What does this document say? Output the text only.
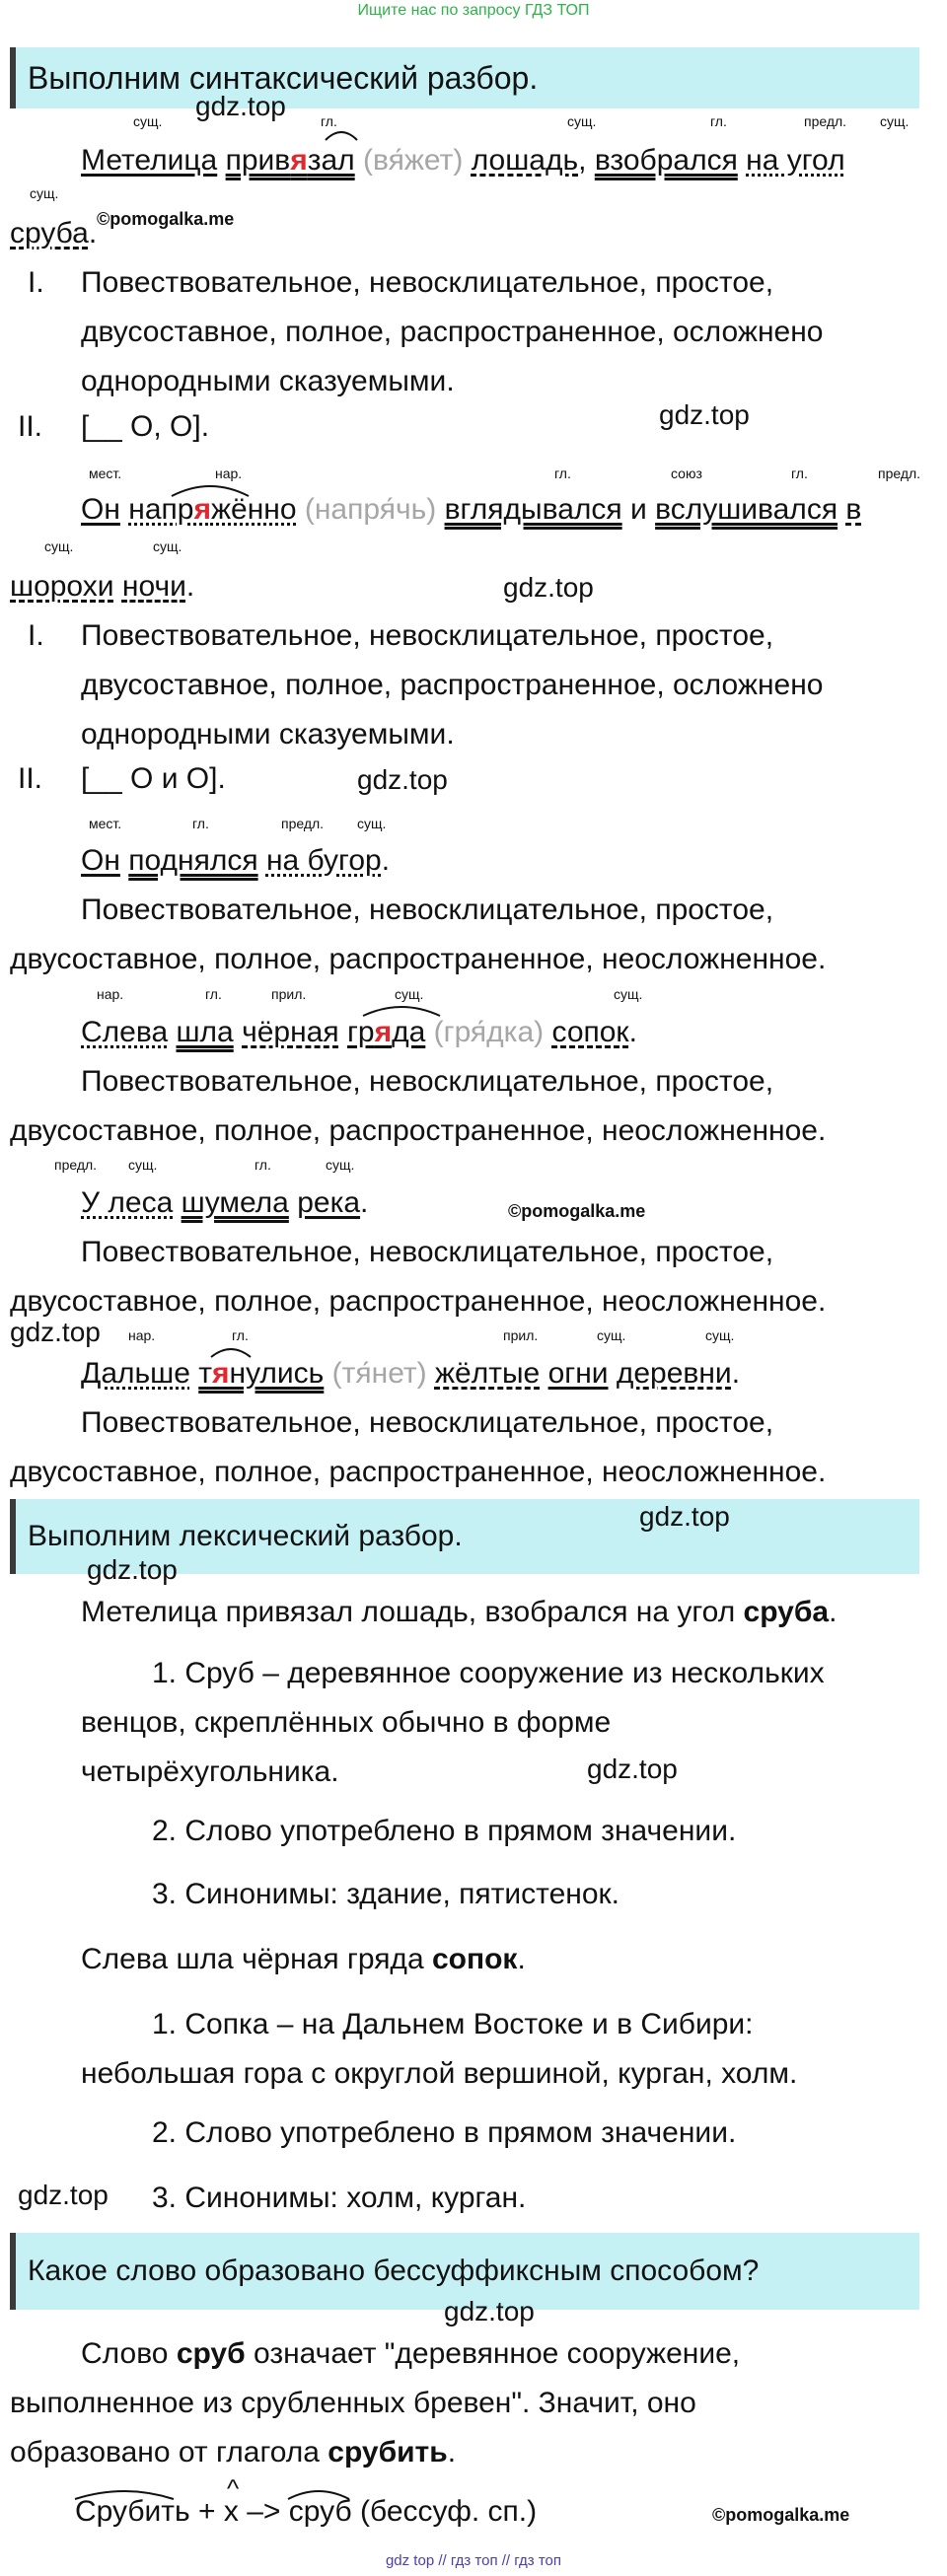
Ищите нас по запросу ГДЗ ТОП
Выполним синтаксический разбор.
gdz.top
сущ.	гл.	сущ.	гл.	предл. сущ.
Метелица привязал (вя́жет) лошадь, взобрался на угол
сущ.
сруба. ©pomogalka.me
I. Повествовательное, невосклицательное, простое,
двусоставное, полное, распространенное, осложнено
однородными сказуемыми.
II. [__ О, О].	gdz.top
мест.	нар.	гл.	союз	гл.	предл.
Он напряжённо (напря́чь) вглядывался и вслушивался в
сущ.	сущ.
шорохи ночи.	gdz.top
I. Повествовательное, невосклицательное, простое,
двусоставное, полное, распространенное, осложнено
однородными сказуемыми.
II. [__ О и О].	gdz.top
мест.	гл.	предл. сущ.
Он поднялся на бугор.
Повествовательное, невосклицательное, простое,
двусоставное, полное, распространенное, неосложненное.
нар.	гл.	прил.	сущ.	сущ.
Слева шла чёрная гряда (гря́дка) сопок.
Повествовательное, невосклицательное, простое,
двусоставное, полное, распространенное, неосложненное.
предл. сущ.	гл.	сущ.
У леса шумела река.	©pomogalka.me
Повествовательное, невосклицательное, простое,
двусоставное, полное, распространенное, неосложненное.
gdz.top нар.	гл.	прил.	сущ.	сущ.
Дальше тянулись (тя́нет) жёлтые огни деревни.
Повествовательное, невосклицательное, простое,
двусоставное, полное, распространенное, неосложненное.
Выполним лексический разбор.
gdz.top
gdz.top
Метелица привязал лошадь, взобрался на угол сруба.
1. Сруб – деревянное сооружение из нескольких
венцов, скреплённых обычно в форме
четырёхугольника.	gdz.top
2. Слово употреблено в прямом значении.
3. Синонимы: здание, пятистенок.
Слева шла чёрная гряда сопок.
1. Сопка – на Дальнем Востоке и в Сибири:
небольшая гора с округлой вершиной, курган, холм.
2. Слово употреблено в прямом значении.
gdz.top 3. Синонимы: холм, курган.
Какое слово образовано бессуффиксным способом?
gdz.top
Слово сруб означает "деревянное сооружение,
выполненное из срубленных бревен". Значит, оно
образовано от глагола срубить.
^
Срубить + x –> сруб (бессуф. сп.)	©pomogalka.me
gdz top // гдз топ // гдз топ
